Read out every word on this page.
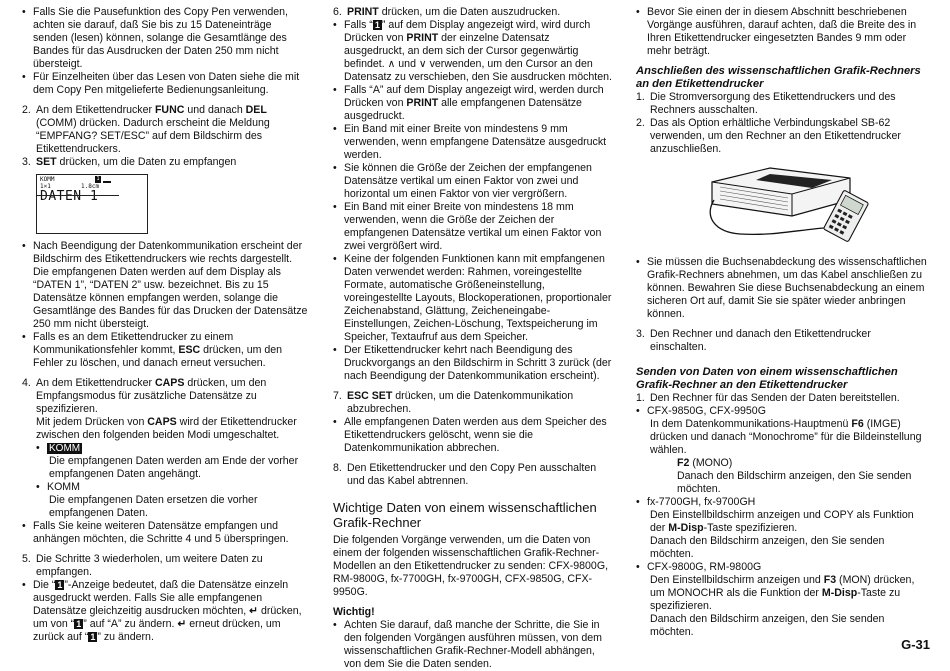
• Falls Sie die Pausefunktion des Copy Pen verwenden, achten sie darauf, daß Sie bis zu 15 Dateneinträge senden (lesen) können, solange die Gesamtlänge des Bandes für das Ausdrucken der Daten 250 mm nicht übersteigt.

• Für Einzelheiten über das Lesen von Daten siehe die mit dem Copy Pen mitgelieferte Bedienungsanleitung.

2. An dem Etikettendrucker FUNC und danach DEL (COMM) drücken. Dadurch erscheint die Meldung “EMPFANG? SET/ESC” auf dem Bildschirm des Etikettendruckers.

3. SET drücken, um die Daten zu empfangen

KOMM	1
1×1	1.8cm
DATEN 1

• Nach Beendigung der Datenkommunikation erscheint der Bildschirm des Etikettendruckers wie rechts dargestellt. Die empfangenen Daten werden auf dem Display als “DATEN 1”, “DATEN 2” usw. bezeichnet. Bis zu 15 Datensätze können empfangen werden, solange die Gesamtlänge des Bandes für das Drucken der Datensätze 250 mm nicht übersteigt.

• Falls es an dem Etikettendrucker zu einem Kommunikationsfehler kommt, ESC drücken, um den Fehler zu löschen, und danach erneut versuchen.

4. An dem Etikettendrucker CAPS drücken, um den Empfangsmodus für zusätzliche Datensätze zu spezifizieren.

Mit jedem Drücken von CAPS wird der Etikettendrucker zwischen den folgenden beiden Modi umgeschaltet.

• KOMM

Die empfangenen Daten werden am Ende der vorher empfangenen Daten angehängt.

• KOMM

Die empfangenen Daten ersetzen die vorher empfangenen Daten.

• Falls Sie keine weiteren Datensätze empfangen und anhängen möchten, die Schritte 4 und 5 überspringen.

5. Die Schritte 3 wiederholen, um weitere Daten zu empfangen.

• Die “ 1 ”-Anzeige bedeutet, daß die Datensätze einzeln ausgedruckt werden. Falls Sie alle empfangenen Datensätze gleichzeitig ausdrucken möchten, ↵ drücken, um von “ 1 ” auf “A” zu ändern. ↵ erneut drücken, um zurück auf “ 1 ” zu ändern.

6. PRINT drücken, um die Daten auszudrucken.

• Falls “ 1 ” auf dem Display angezeigt wird, wird durch Drücken von PRINT der einzelne Datensatz ausgedruckt, an dem sich der Cursor gegenwärtig befindet. ∧ und ∨ verwenden, um den Cursor an den Datensatz zu verschieben, den Sie ausdrucken möchten.

• Falls “A” auf dem Display angezeigt wird, werden durch Drücken von PRINT alle empfangenen Datensätze ausgedruckt.

• Ein Band mit einer Breite von mindestens 9 mm verwenden, wenn empfangene Datensätze ausgedruckt werden.

• Sie können die Größe der Zeichen der empfangenen Datensätze vertikal um einen Faktor von zwei und horizontal um einen Faktor von vier vergrößern.

• Ein Band mit einer Breite von mindestens 18 mm verwenden, wenn die Größe der Zeichen der empfangenen Datensätze vertikal um einen Faktor von zwei vergrößert wird.

• Keine der folgenden Funktionen kann mit empfangenen Daten verwendet werden: Rahmen, voreingestellte Formate, automatische Größeneinstellung, voreingestellte Layouts, Blockoperationen, proportionaler Zeichenabstand, Glättung, Zeicheneingabe-Einstellungen, Zeichen-Löschung, Textspeicherung im Speicher, Textaufruf aus dem Speicher.

• Der Etikettendrucker kehrt nach Beendigung des Druckvorgangs an den Bildschirm in Schritt 3 zurück (der nach Beendigung der Datenkommunikation erscheint).

7. ESC SET drücken, um die Datenkommunikation abzubrechen.

• Alle empfangenen Daten werden aus dem Speicher des Etikettendruckers gelöscht, wenn sie die Datenkommunikation abbrechen.

8. Den Etikettendrucker und den Copy Pen ausschalten und das Kabel abtrennen.

Wichtige Daten von einem wissenschaftlichen Grafik-Rechner

Die folgenden Vorgänge verwenden, um die Daten von einem der folgenden wissenschaftlichen Grafik-Rechner-Modellen an den Etikettendrucker zu senden: CFX-9800G, RM-9800G, fx-7700GH, fx-9700GH, CFX-9850G, CFX-9950G.

Wichtig!

• Achten Sie darauf, daß manche der Schritte, die Sie in den folgenden Vorgängen ausführen müssen, von dem wissenschaftlichen Grafik-Rechner-Modell abhängen, von dem Sie die Daten senden.

• Bevor Sie einen der in diesem Abschnitt beschriebenen Vorgänge ausführen, darauf achten, daß die Breite des in Ihren Etikettendrucker eingesetzten Bandes 9 mm oder mehr beträgt.

Anschließen des wissenschaftlichen Grafik-Rechners an den Etikettendrucker

1. Die Stromversorgung des Etikettendruckers und des Rechners ausschalten.

2. Das als Option erhältliche Verbindungskabel SB-62 verwenden, um den Rechner an den Etikettendrucker anzuschließen.

• Sie müssen die Buchsenabdeckung des wissenschaftlichen Grafik-Rechners abnehmen, um das Kabel anschließen zu können. Bewahren Sie diese Buchsenabdeckung an einem sicheren Ort auf, damit Sie sie später wieder anbringen können.

3. Den Rechner und danach den Etikettendrucker einschalten.

Senden von Daten von einem wissenschaftlichen Grafik-Rechner an den Etikettendrucker

1. Den Rechner für das Senden der Daten bereitstellen.

• CFX-9850G, CFX-9950G

In dem Datenkommunikations-Hauptmenü F6 (IMGE) drücken und danach “Monochrome” für die Bildeinstellung wählen.

F2 (MONO)

Danach den Bildschirm anzeigen, den Sie senden möchten.

• fx-7700GH, fx-9700GH

Den Einstellbildschirm anzeigen und COPY als Funktion der M-Disp-Taste spezifizieren.

Danach den Bildschirm anzeigen, den Sie senden möchten.

• CFX-9800G, RM-9800G

Den Einstellbildschirm anzeigen und F3 (MON) drücken, um MONOCHR als die Funktion der M-Disp-Taste zu spezifizieren.

Danach den Bildschirm anzeigen, den Sie senden möchten.

G-31
